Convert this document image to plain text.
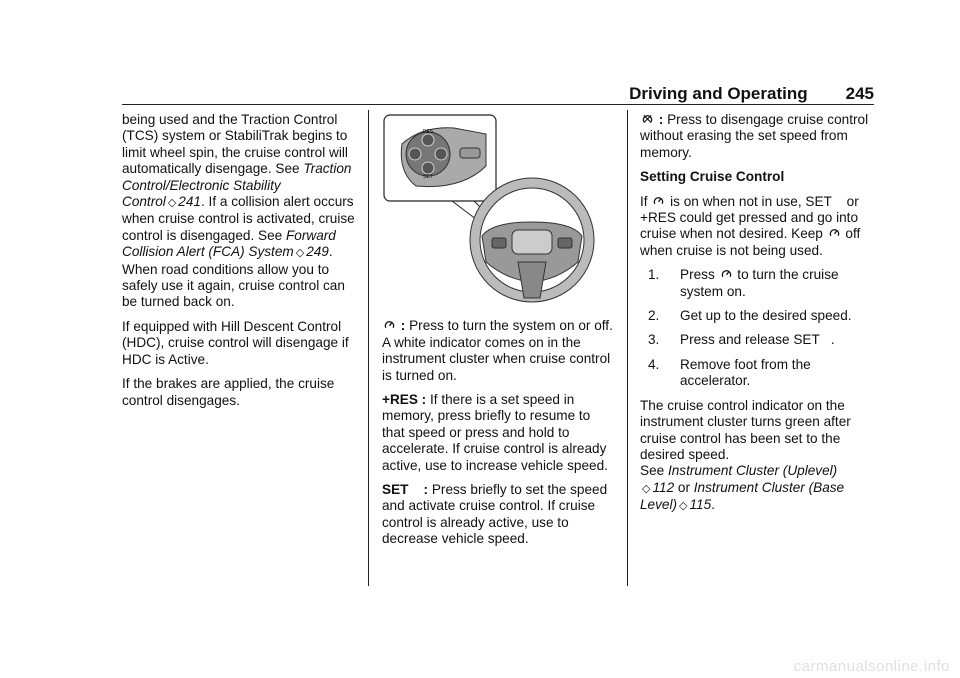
Driving and Operating 245

being used and the Traction Control (TCS) system or StabiliTrak begins to limit wheel spin, the cruise control will automatically disengage. See Traction Control/Electronic Stability Control ◇ 241. If a collision alert occurs when cruise control is activated, cruise control is disengaged. See Forward Collision Alert (FCA) System ◇ 249. When road conditions allow you to safely use it again, cruise control can be turned back on.

If equipped with Hill Descent Control (HDC), cruise control will disengage if HDC is Active.

If the brakes are applied, the cruise control disengages.

RES
SET

: Press to turn the system on or off. A white indicator comes on in the instrument cluster when cruise control is turned on.

+RES : If there is a set speed in memory, press briefly to resume to that speed or press and hold to accelerate. If cruise control is already active, use to increase vehicle speed.

SET    : Press briefly to set the speed and activate cruise control. If cruise control is already active, use to decrease vehicle speed.

: Press to disengage cruise control without erasing the set speed from memory.

Setting Cruise Control

If  is on when not in use, SET    or +RES could get pressed and go into cruise when not desired. Keep  off when cruise is not being used.

1. Press  to turn the cruise system on.
2. Get up to the desired speed.
3. Press and release SET   .
4. Remove foot from the accelerator.

The cruise control indicator on the instrument cluster turns green after cruise control has been set to the desired speed.
See Instrument Cluster (Uplevel)
◇ 112 or Instrument Cluster (Base Level) ◇ 115.

carmanualsonline.info
